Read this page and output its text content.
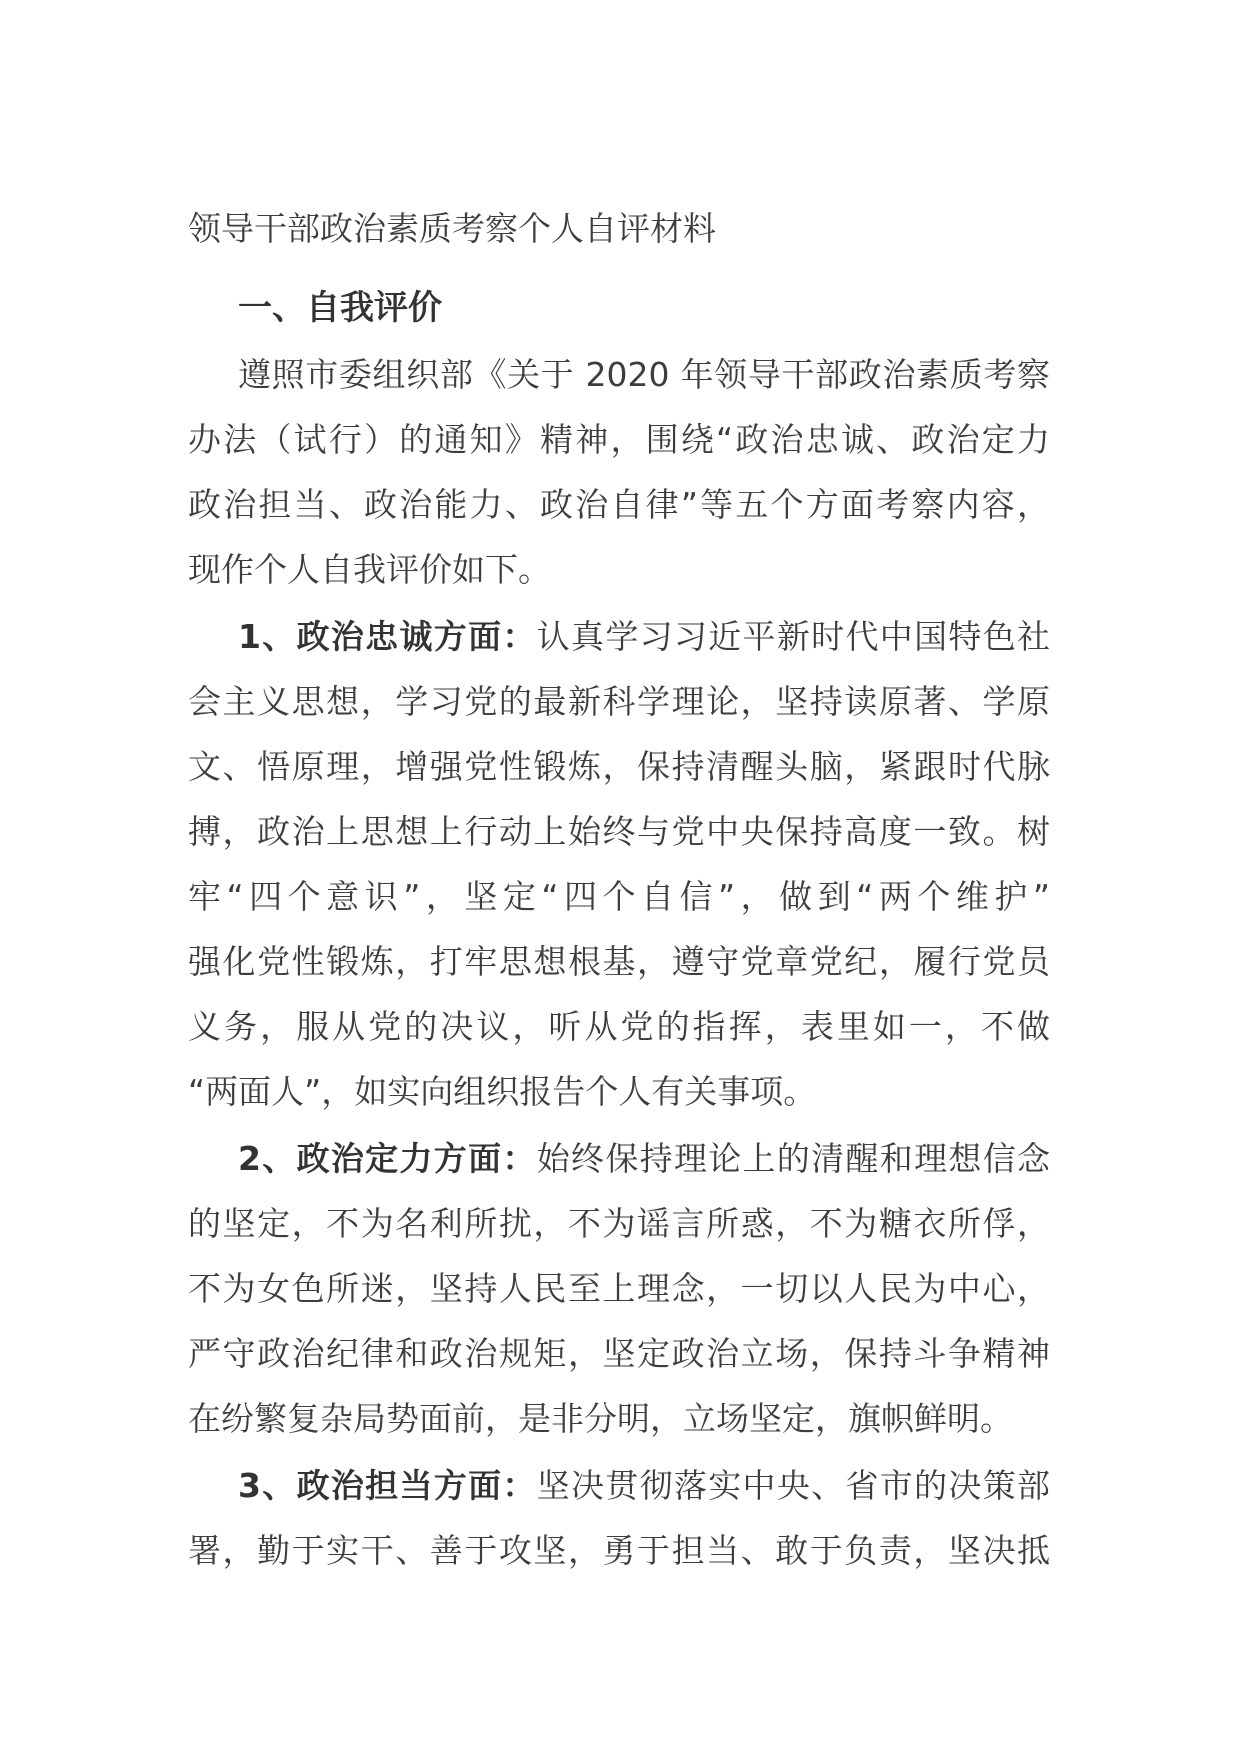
领导干部政治素质考察个人自评材料
一、自我评价
遵照市委组织部《关于 2020 年领导干部政治素质考察
办法（试行）的通知》精神，围绕“政治忠诚、政治定力
政治担当、政治能力、政治自律”等五个方面考察内容，
现作个人自我评价如下。
1、政治忠诚方面：认真学习习近平新时代中国特色社
会主义思想，学习党的最新科学理论，坚持读原著、学原
文、悟原理，增强党性锻炼，保持清醒头脑，紧跟时代脉
搏，政治上思想上行动上始终与党中央保持高度一致。树
牢“四个意识”，坚定“四个自信”，做到“两个维护”
强化党性锻炼，打牢思想根基，遵守党章党纪，履行党员
义务，服从党的决议，听从党的指挥，表里如一，不做
“两面人”，如实向组织报告个人有关事项。
2、政治定力方面：始终保持理论上的清醒和理想信念
的坚定，不为名利所扰，不为谣言所惑，不为糖衣所俘，
不为女色所迷，坚持人民至上理念，一切以人民为中心，
严守政治纪律和政治规矩，坚定政治立场，保持斗争精神
在纷繁复杂局势面前，是非分明，立场坚定，旗帜鲜明。
3、政治担当方面：坚决贯彻落实中央、省市的决策部
署，勤于实干、善于攻坚，勇于担当、敢于负责，坚决抵
